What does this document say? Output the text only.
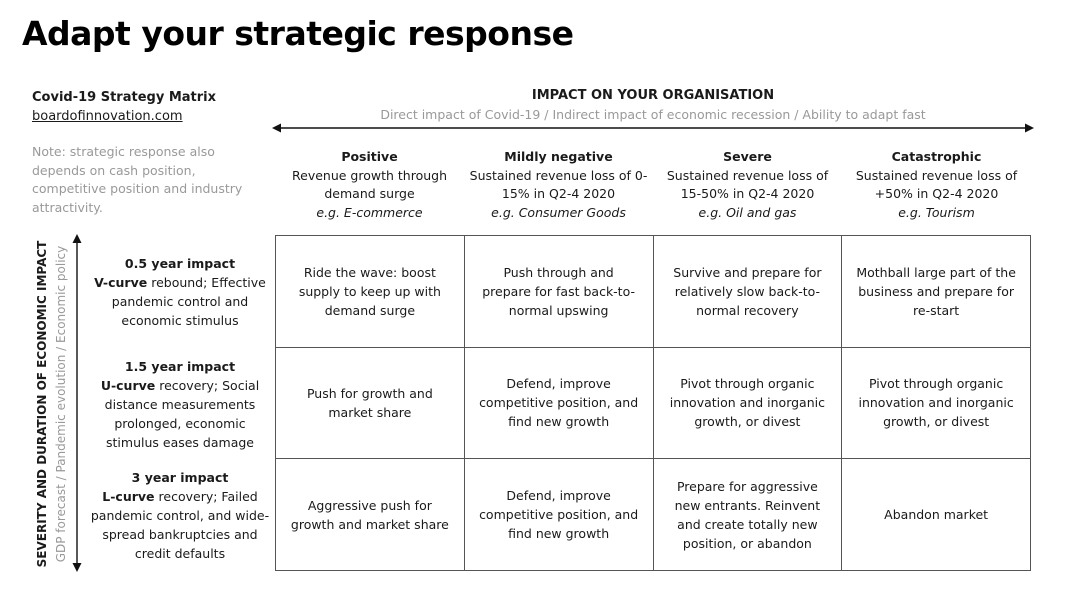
Adapt your strategic response
Covid-19 Strategy Matrix
boardofinnovation.com
Note: strategic response also depends on cash position, competitive position and industry attractivity.
IMPACT ON YOUR ORGANISATION
Direct impact of Covid-19 / Indirect impact of economic recession / Ability to adapt fast
Positive
Revenue growth through demand surge
e.g. E-commerce
Mildly negative
Sustained revenue loss of 0-15% in Q2-4 2020
e.g. Consumer Goods
Severe
Sustained revenue loss of 15-50% in Q2-4 2020
e.g. Oil and gas
Catastrophic
Sustained revenue loss of +50% in Q2-4 2020
e.g. Tourism
SEVERITY AND DURATION OF ECONOMIC IMPACT GDP forecast / Pandemic evolution / Economic policy	0.5 year impact
V-curve rebound; Effective pandemic control and economic stimulus
1.5 year impact
U-curve recovery; Social distance measurements prolonged, economic stimulus eases damage
3 year impact
L-curve recovery; Failed pandemic control, and wide-spread bankruptcies and credit defaults
Ride the wave: boost supply to keep up with demand surge
Push through and prepare for fast back-to-normal upswing
Survive and prepare for relatively slow back-to-normal recovery
Mothball large part of the business and prepare for re-start
Push for growth and market share
Defend, improve competitive position, and find new growth
Pivot through organic innovation and inorganic growth, or divest
Pivot through organic innovation and inorganic growth, or divest
Aggressive push for growth and market share
Defend, improve competitive position, and find new growth
Prepare for aggressive new entrants. Reinvent and create totally new position, or abandon
Abandon market
